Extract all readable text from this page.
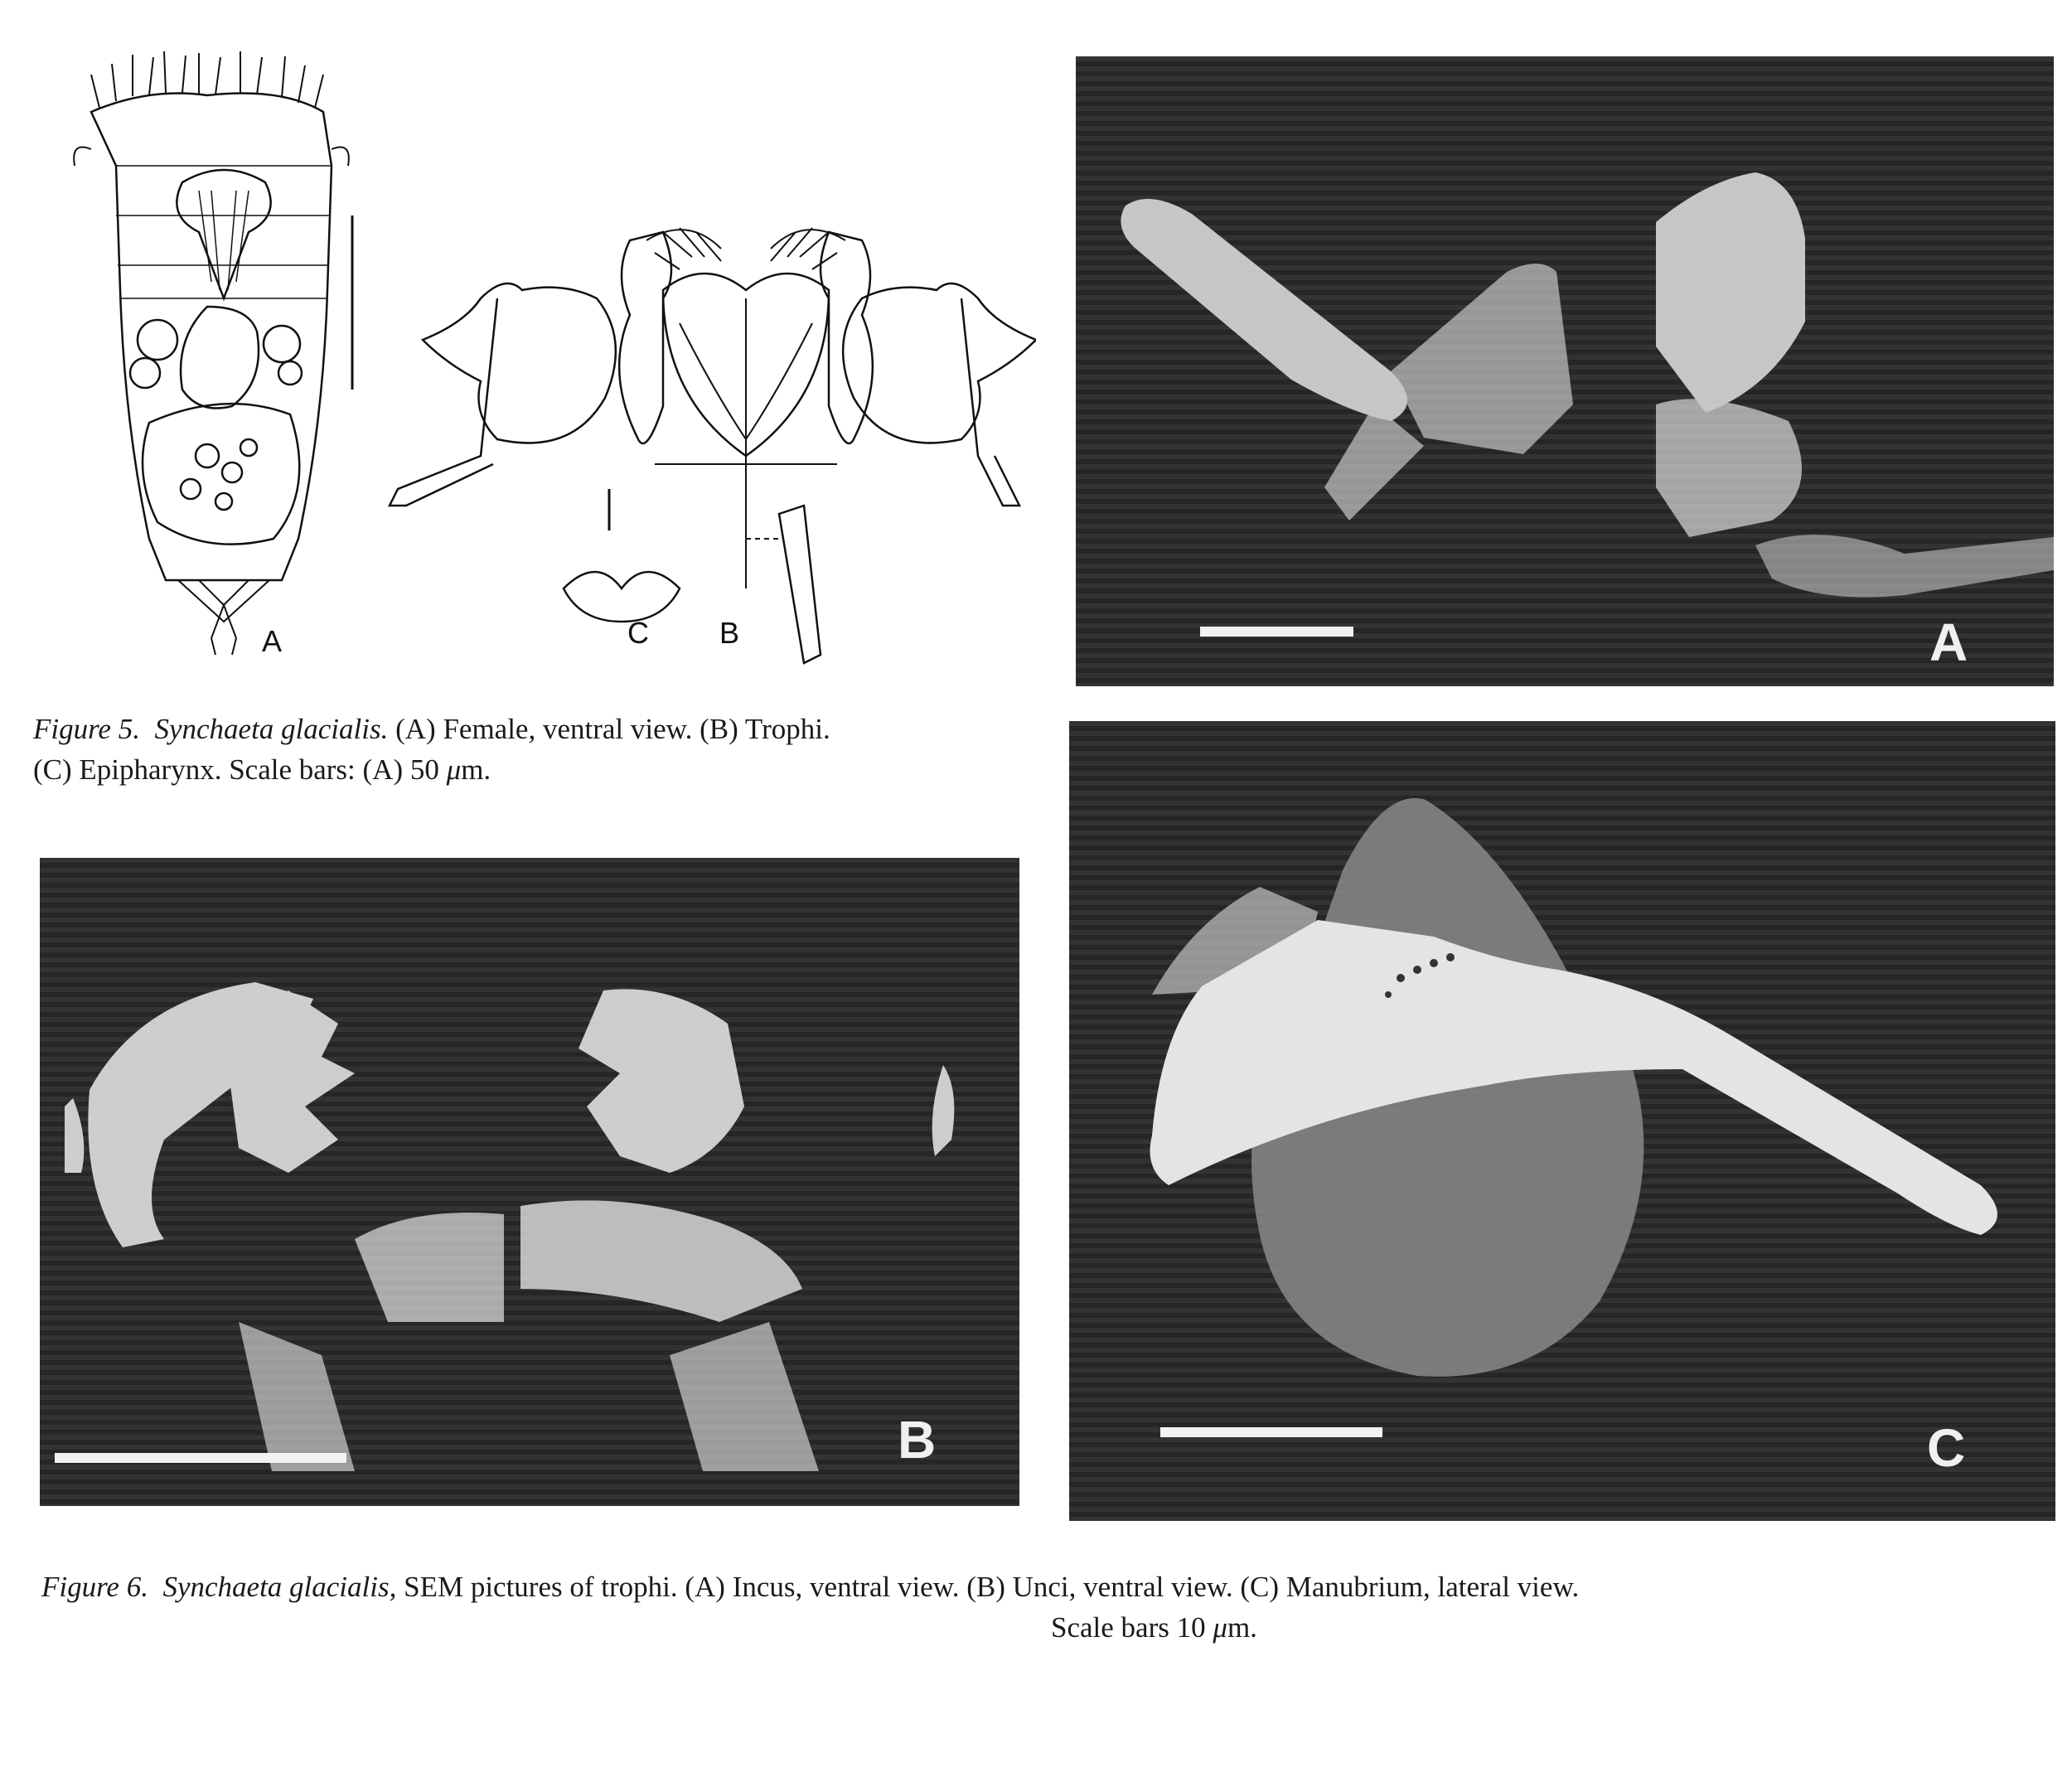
A	C B
Figure 5. Synchaeta glacialis. (A) Female, ventral view. (B) Trophi.
(C) Epipharynx. Scale bars: (A) 50 μm.
A
B	C
Figure 6. Synchaeta glacialis, SEM pictures of trophi. (A) Incus, ventral view. (B) Unci, ventral view. (C) Manubrium, lateral view.
Scale bars 10 μm.
